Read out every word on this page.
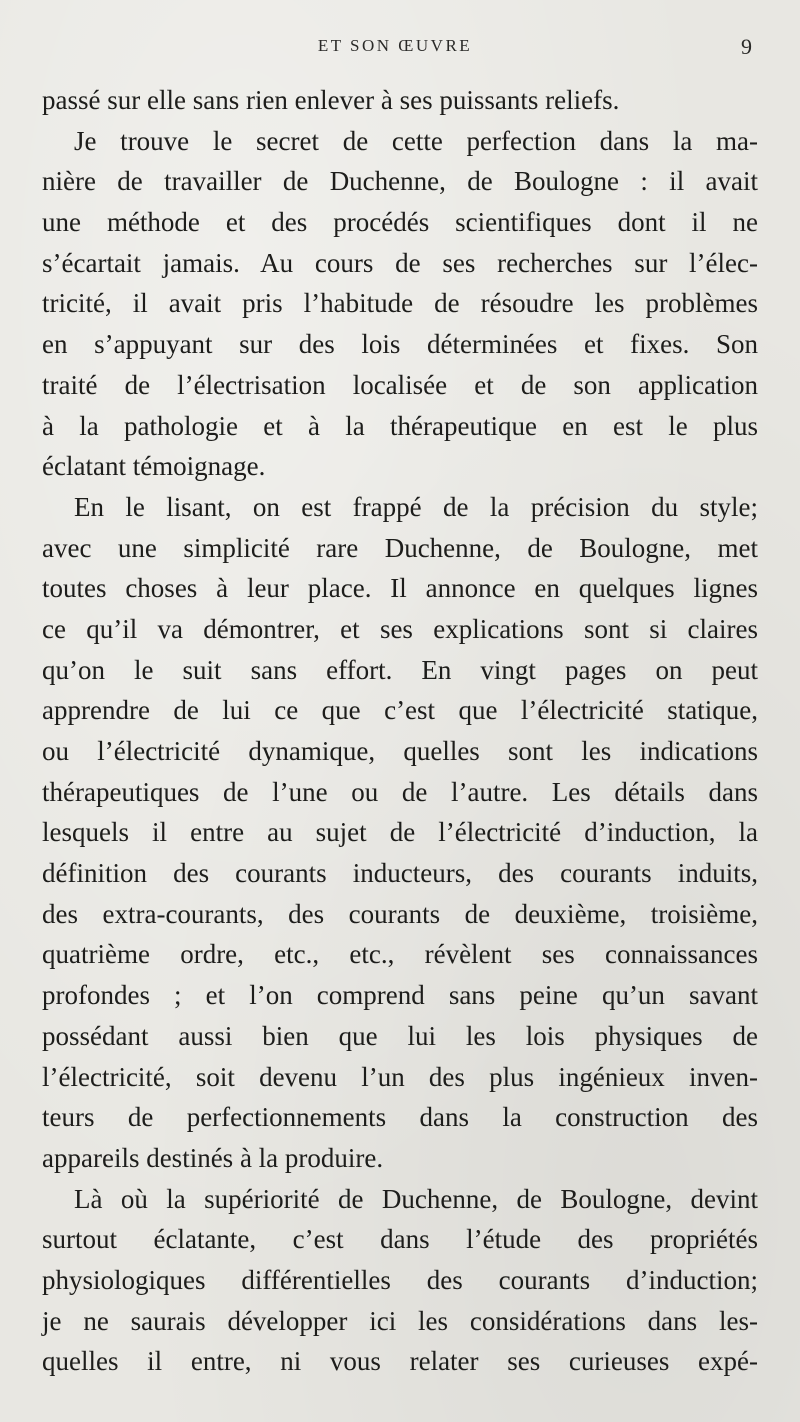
ET SON ŒUVRE	9
passé sur elle sans rien enlever à ses puissants reliefs.
Je trouve le secret de cette perfection dans la ma-
nière de travailler de Duchenne, de Boulogne : il avait
une méthode et des procédés scientifiques dont il ne
s’écartait jamais. Au cours de ses recherches sur l’élec-
tricité, il avait pris l’habitude de résoudre les problèmes
en s’appuyant sur des lois déterminées et fixes. Son
traité de l’électrisation localisée et de son application
à la pathologie et à la thérapeutique en est le plus
éclatant témoignage.
En le lisant, on est frappé de la précision du style;
avec une simplicité rare Duchenne, de Boulogne, met
toutes choses à leur place. Il annonce en quelques lignes
ce qu’il va démontrer, et ses explications sont si claires
qu’on le suit sans effort. En vingt pages on peut
apprendre de lui ce que c’est que l’électricité statique,
ou l’électricité dynamique, quelles sont les indications
thérapeutiques de l’une ou de l’autre. Les détails dans
lesquels il entre au sujet de l’électricité d’induction, la
définition des courants inducteurs, des courants induits,
des extra-courants, des courants de deuxième, troisième,
quatrième ordre, etc., etc., révèlent ses connaissances
profondes ; et l’on comprend sans peine qu’un savant
possédant aussi bien que lui les lois physiques de
l’électricité, soit devenu l’un des plus ingénieux inven-
teurs de perfectionnements dans la construction des
appareils destinés à la produire.
Là où la supériorité de Duchenne, de Boulogne, devint
surtout éclatante, c’est dans l’étude des propriétés
physiologiques différentielles des courants d’induction;
je ne saurais développer ici les considérations dans les-
quelles il entre, ni vous relater ses curieuses expé-
